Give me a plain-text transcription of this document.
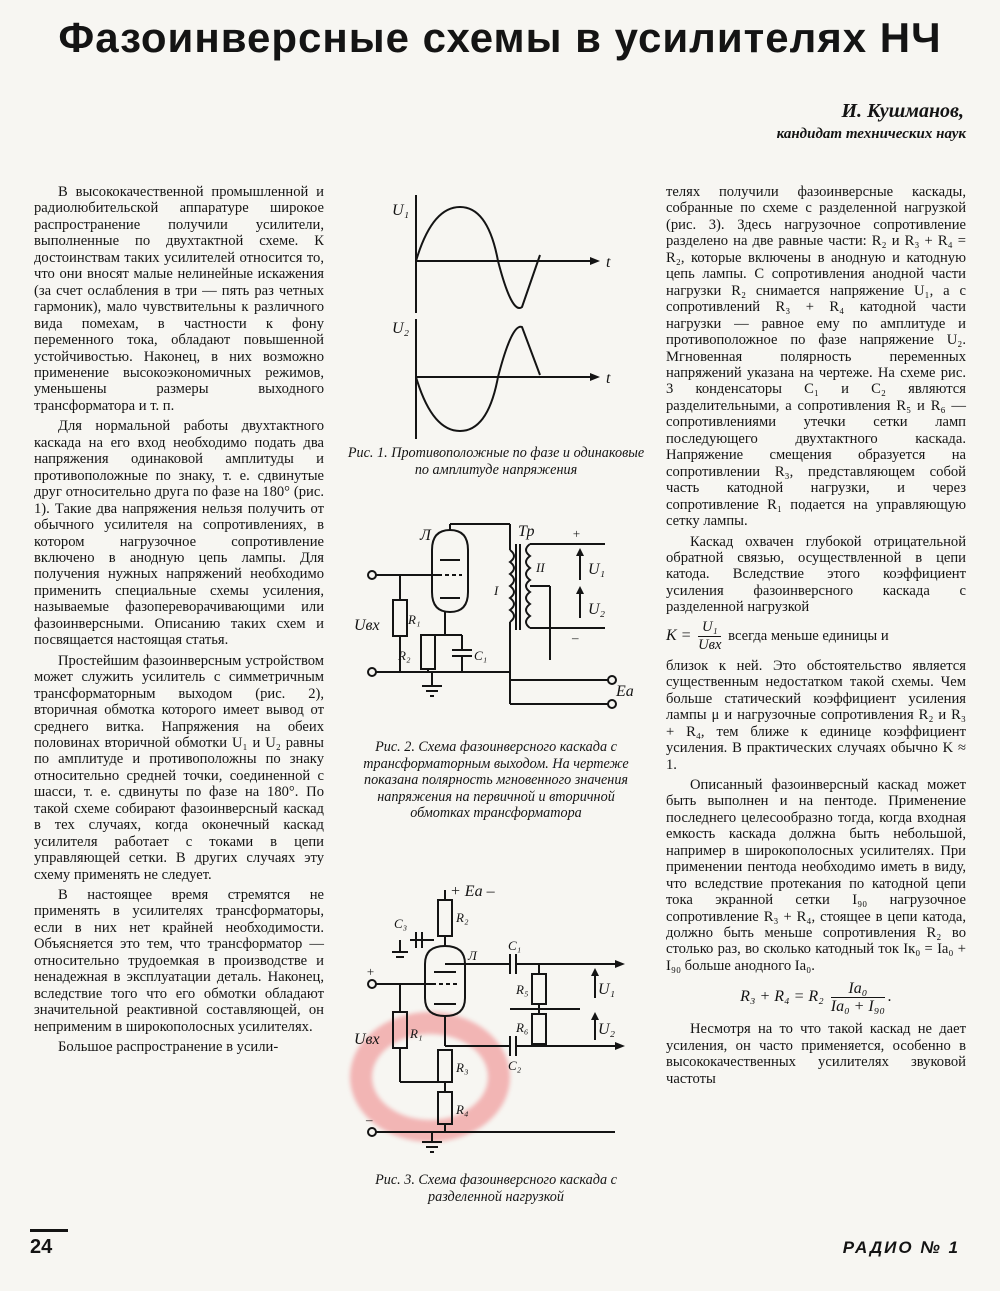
Фазоинверсные схемы в усилителях НЧ
И. Кушманов,
кандидат технических наук

В высококачественной промышленной и радиолюбительской аппаратуре широкое распространение получили усилители, выполненные по двухтактной схеме. К достоинствам таких усилителей относится то, что они вносят малые нелинейные искажения (за счет ослабления в три — пять раз четных гармоник), мало чувствительны к различного вида помехам, в частности к фону переменного тока, обладают повышенной устойчивостью. Наконец, в них возможно применение высокоэкономичных режимов, уменьшены размеры выходного трансформатора и т. п.

Для нормальной работы двухтактного каскада на его вход необходимо подать два напряжения одинаковой амплитуды и противоположные по знаку, т. е. сдвинутые друг относительно друга по фазе на 180° (рис. 1). Такие два напряжения нельзя получить от обычного усилителя на сопротивлениях, в котором нагрузочное сопротивление включено в анодную цепь лампы. Для получения нужных напряжений необходимо применить специальные схемы усиления, называемые фазопереворачивающими или фазоинверсными. Описанию таких схем и посвящается настоящая статья.

Простейшим фазоинверсным устройством может служить усилитель с симметричным трансформаторным выходом (рис. 2), вторичная обмотка которого имеет вывод от среднего витка. Напряжения на обеих половинах вторичной обмотки U₁ и U₂ равны по амплитуде и противоположны по знаку относительно средней точки, соединенной с шасси, т. е. сдвинуты по фазе на 180°. По такой схеме собирают фазоинверсный каскад в тех случаях, когда оконечный каскад усилителя работает с токами в цепи управляющей сетки. В других случаях эту схему применять не следует.

В настоящее время стремятся не применять в усилителях трансформаторы, если в них нет крайней необходимости. Объясняется это тем, что трансформатор — относительно трудоемкая в производстве и ненадежная в эксплуатации деталь. Наконец, вследствие того что его обмотки обладают значительной реактивной составляющей, он неприменим в широкополосных усилителях.

Большое распространение в усили-

телях получили фазоинверсные каскады, собранные по схеме с разделенной нагрузкой (рис. 3). Здесь нагрузочное сопротивление разделено на две равные части: R₂ и R₃ + R₄ = R₂, которые включены в анодную и катодную цепь лампы. С сопротивления анодной части нагрузки R₂ снимается напряжение U₁, а с сопротивлений R₃ + R₄ катодной части нагрузки — равное ему по амплитуде и противоположное по фазе напряжение U₂. Мгновенная полярность переменных напряжений указана на чертеже. На схеме рис. 3 конденсаторы C₁ и C₂ являются разделительными, а сопротивления R₅ и R₆ — сопротивлениями утечки сетки ламп последующего двухтактного каскада. Напряжение смещения образуется на сопротивлении R₃, представляющем собой часть катодной нагрузки, и через сопротивление R₁ подается на управляющую сетку лампы.

Каскад охвачен глубокой отрицательной обратной связью, осуществленной в цепи катода. Вследствие этого коэффициент усиления фазоинверсного каскада с разделенной нагрузкой

$K = \frac{\text{U₁}}{\text{Uвх}}$ всегда меньше единицы и

близок к ней. Это обстоятельство является существенным недостатком такой схемы. Чем больше статический коэффициент усиления лампы μ и нагрузочные сопротивления R₂ и R₃ + R₄, тем ближе к единице коэффициент усиления. В практических случаях обычно K ≈ 1.

Описанный фазоинверсный каскад может быть выполнен и на пентоде. Применение последнего целесообразно тогда, когда входная емкость каскада должна быть небольшой, например в широкополосных усилителях. При применении пентода необходимо иметь в виду, что вследствие протекания по катодной цепи тока экранной сетки I₉₀ нагрузочное сопротивление R₃ + R₄, стоящее в цепи катода, должно быть меньше сопротивления R₂ во столько раз, во сколько катодный ток Iк₀ = Iа₀ + I₉₀ больше анодного Iа₀.

$R_3 + R_4 = R_2 \frac{\text{Iа₀}}{\text{Iа₀ + I₉₀}}$ .

Несмотря на то что такой каскад не дает усиления, он часто применяется, особенно в высококачественных усилителях звуковой частоты

U₁
t
U₂
t
Рис. 1. Противоположные по фазе и одинаковые по амплитуде напряжения
Л	Тр
R₁
R₂	C₁
Uвх
I
II	U₁
U₂
Eа
+
–
Рис. 2. Схема фазоинверсного каскада с трансформаторным выходом. На чертеже показана полярность мгновенного значения напряжения на первичной и вторичной обмотках трансформатора
+ Eа –
R₂
C₃
Л
C₁
R₅
R₆
U₁
U₂
C₂
R₁
R₃
R₄
Uвх
+
–
Рис. 3. Схема фазоинверсного каскада с разделенной нагрузкой
24	РАДИО № 1
